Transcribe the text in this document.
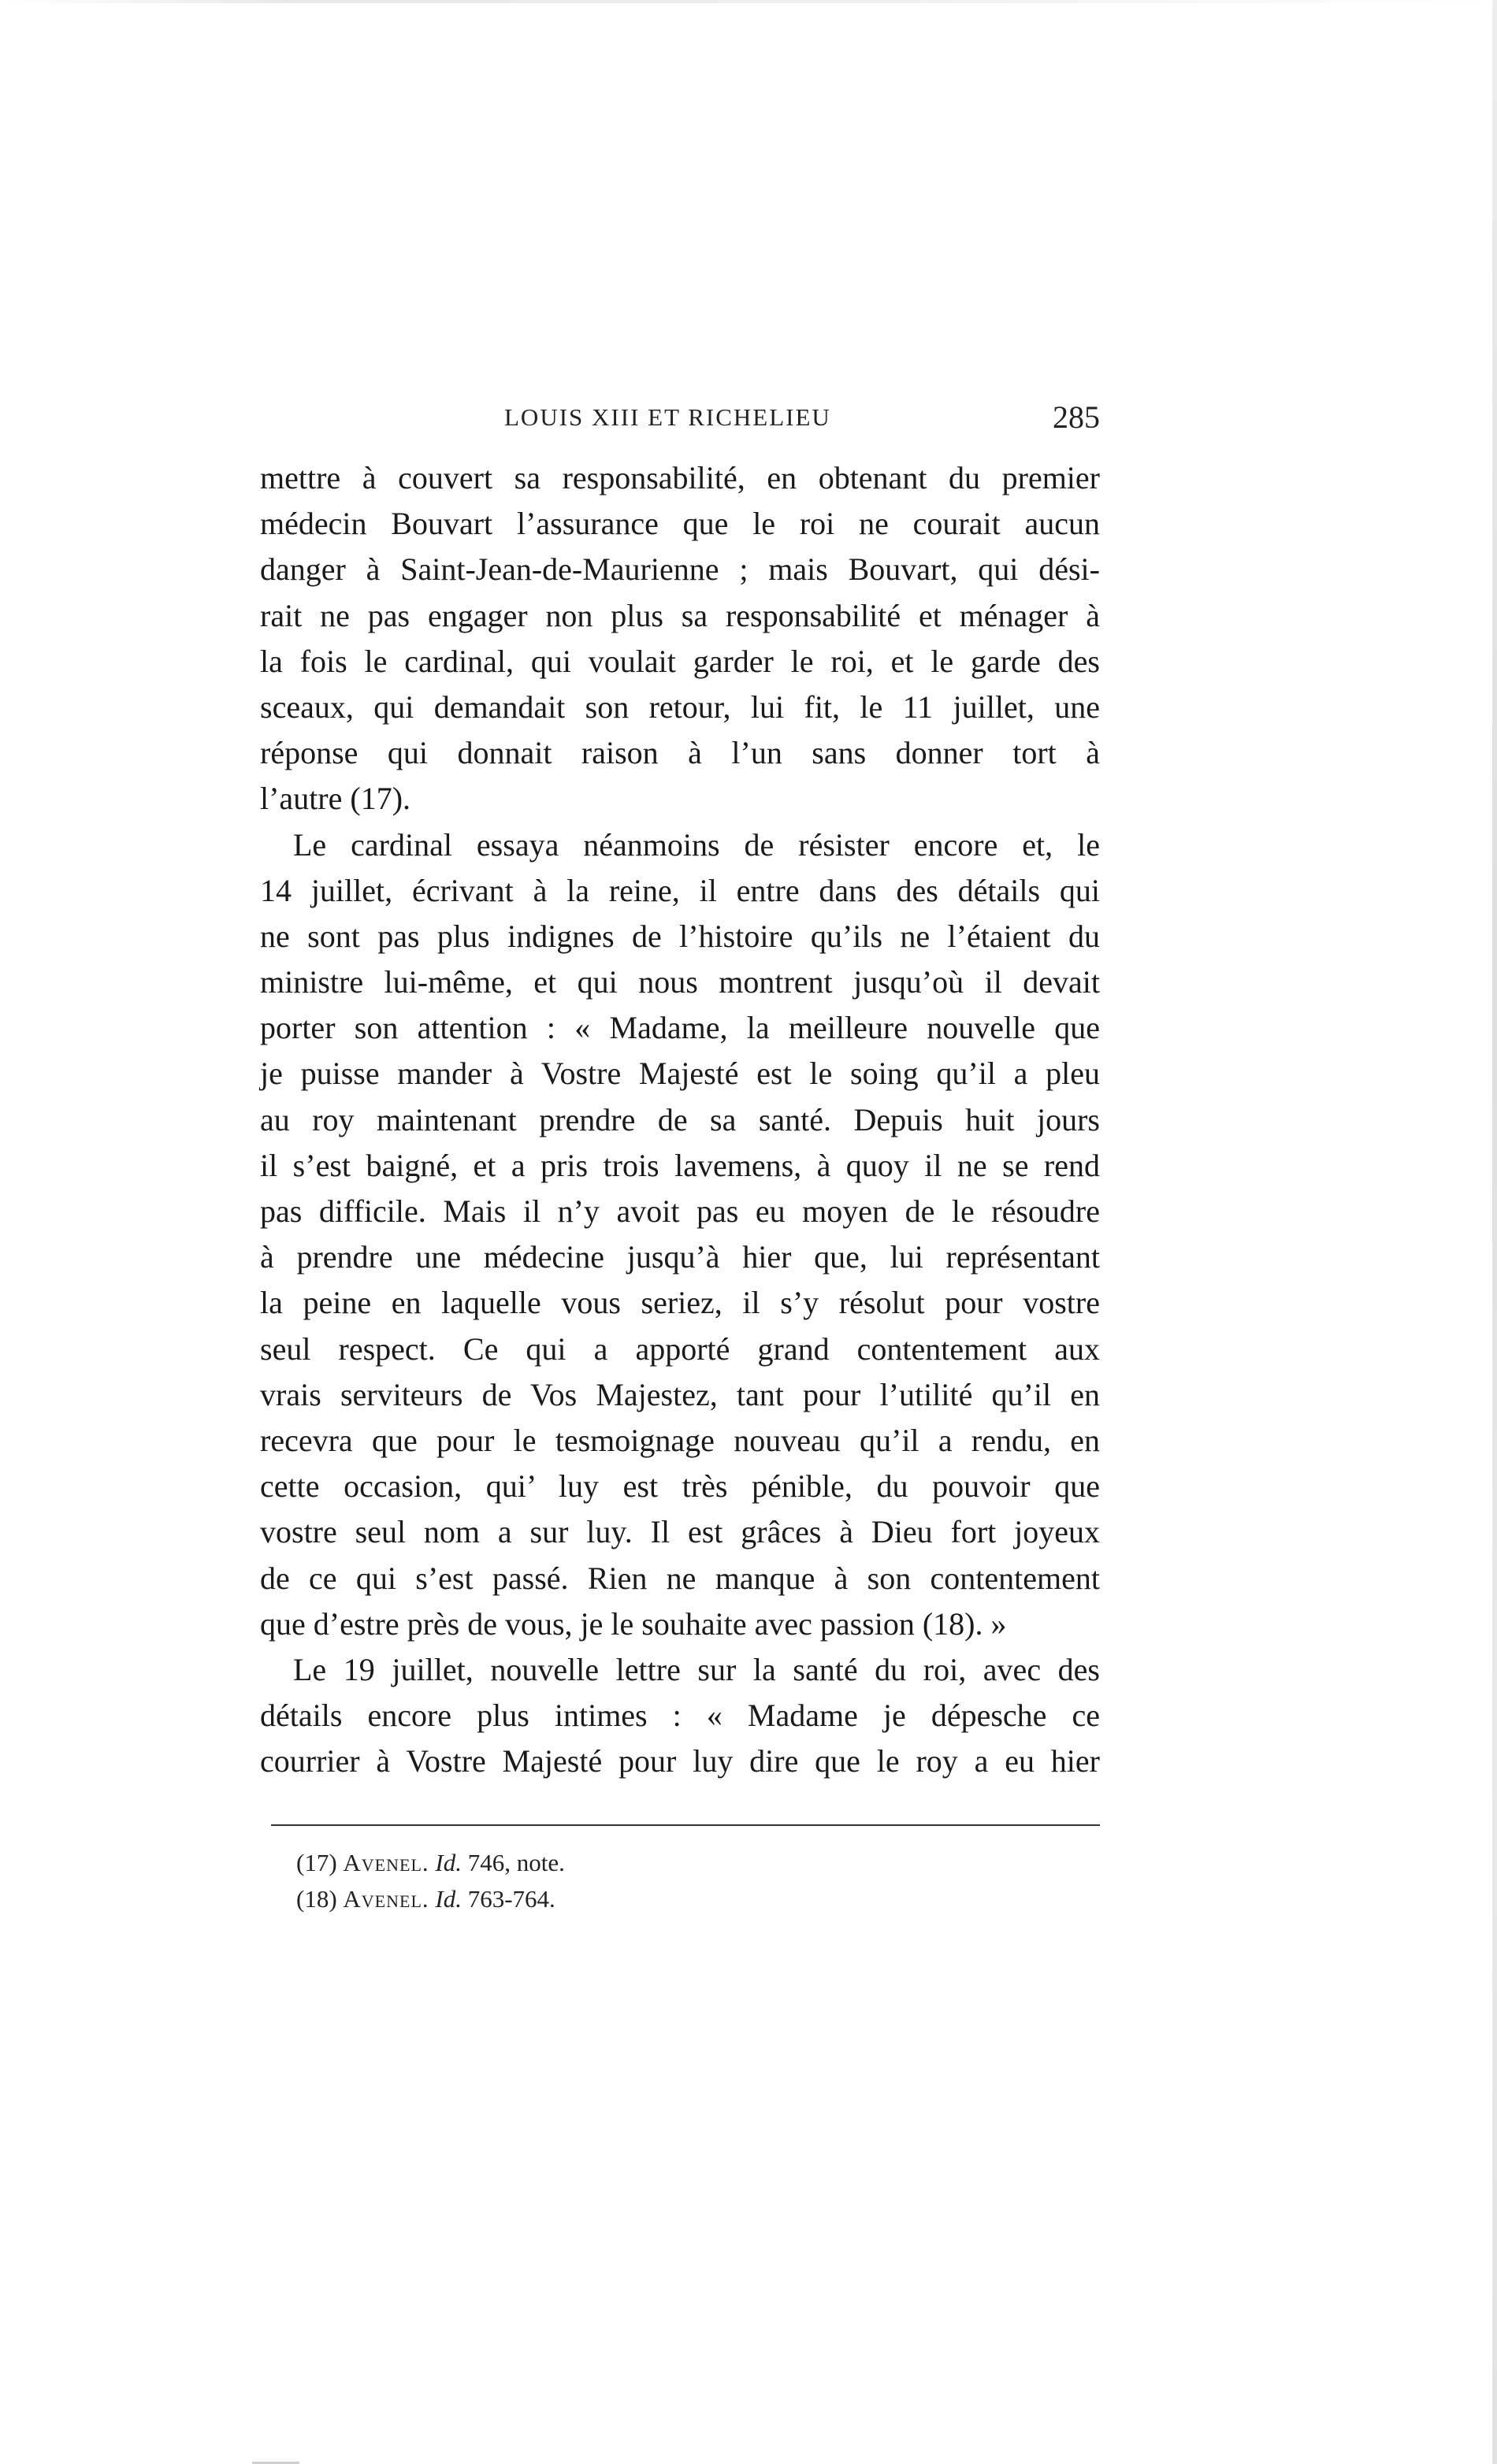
LOUIS XIII ET RICHELIEU	285
mettre à couvert sa responsabilité, en obtenant du premier
médecin Bouvart l’assurance que le roi ne courait aucun
danger à Saint-Jean-de-Maurienne ; mais Bouvart, qui dési-
rait ne pas engager non plus sa responsabilité et ménager à
la fois le cardinal, qui voulait garder le roi, et le garde des
sceaux, qui demandait son retour, lui fit, le 11 juillet, une
réponse qui donnait raison à l’un sans donner tort à
l’autre (17).
Le cardinal essaya néanmoins de résister encore et, le
14 juillet, écrivant à la reine, il entre dans des détails qui
ne sont pas plus indignes de l’histoire qu’ils ne l’étaient du
ministre lui-même, et qui nous montrent jusqu’où il devait
porter son attention : « Madame, la meilleure nouvelle que
je puisse mander à Vostre Majesté est le soing qu’il a pleu
au roy maintenant prendre de sa santé. Depuis huit jours
il s’est baigné, et a pris trois lavemens, à quoy il ne se rend
pas difficile. Mais il n’y avoit pas eu moyen de le résoudre
à prendre une médecine jusqu’à hier que, lui représentant
la peine en laquelle vous seriez, il s’y résolut pour vostre
seul respect. Ce qui a apporté grand contentement aux
vrais serviteurs de Vos Majestez, tant pour l’utilité qu’il en
recevra que pour le tesmoignage nouveau qu’il a rendu, en
cette occasion, qui’ luy est très pénible, du pouvoir que
vostre seul nom a sur luy. Il est grâces à Dieu fort joyeux
de ce qui s’est passé. Rien ne manque à son contentement
que d’estre près de vous, je le souhaite avec passion (18). »
Le 19 juillet, nouvelle lettre sur la santé du roi, avec des
détails encore plus intimes : « Madame je dépesche ce
courrier à Vostre Majesté pour luy dire que le roy a eu hier
(17) Avenel. Id. 746, note.
(18) Avenel. Id. 763-764.
